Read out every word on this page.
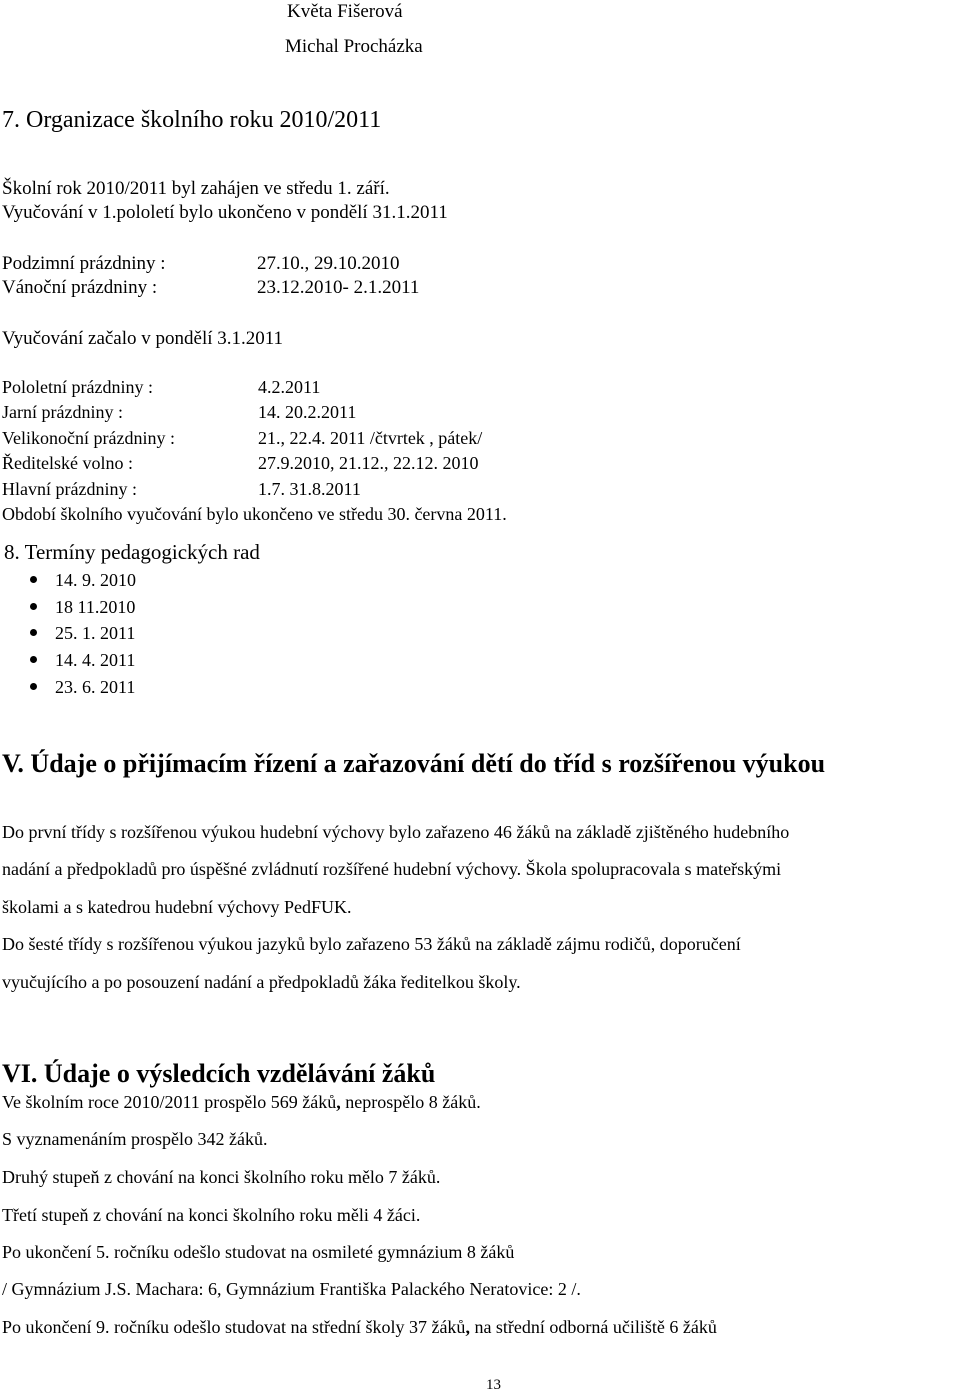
Květa Fišerová
Michal Procházka
7. Organizace školního roku 2010/2011
Školní rok 2010/2011 byl zahájen ve středu 1. září.
Vyučování v 1.pololetí bylo ukončeno v pondělí 31.1.2011
Podzimní prázdniny :	27.10., 29.10.2010
Vánoční prázdniny :	23.12.2010- 2.1.2011
Vyučování začalo v pondělí 3.1.2011
Pololetní prázdniny :	4.2.2011
Jarní prázdniny :	14. 20.2.2011
Velikonoční prázdniny :	21., 22.4. 2011 /čtvrtek , pátek/
Ředitelské volno :	27.9.2010, 21.12., 22.12. 2010
Hlavní prázdniny :	1.7. 31.8.2011
Období školního vyučování bylo ukončeno ve středu 30. června 2011.
8. Termíny pedagogických rad
14. 9. 2010
18 11.2010
25. 1. 2011
14. 4. 2011
23. 6. 2011
V. Údaje o přijímacím řízení a zařazování dětí do tříd s rozšířenou výukou
Do první třídy s rozšířenou výukou hudební výchovy bylo zařazeno 46 žáků na základě zjištěného hudebního
nadání a předpokladů pro úspěšné zvládnutí rozšířené hudební výchovy. Škola spolupracovala s mateřskými
školami a s katedrou hudební výchovy PedFUK.
Do šesté třídy s rozšířenou výukou jazyků bylo zařazeno 53 žáků na základě zájmu rodičů, doporučení
vyučujícího a po posouzení nadání a předpokladů žáka ředitelkou školy.
VI. Údaje o výsledcích vzdělávání žáků
Ve školním roce 2010/2011 prospělo 569 žáků, neprospělo 8 žáků.
S vyznamenáním prospělo 342 žáků.
Druhý stupeň z chování na konci školního roku mělo 7 žáků.
Třetí stupeň z chování na konci školního roku měli 4 žáci.
Po ukončení 5. ročníku odešlo studovat na osmileté gymnázium 8 žáků
/ Gymnázium J.S. Machara: 6, Gymnázium Františka Palackého Neratovice: 2 /.
Po ukončení 9. ročníku odešlo studovat na střední školy 37 žáků, na střední odborná učiliště 6 žáků
13
